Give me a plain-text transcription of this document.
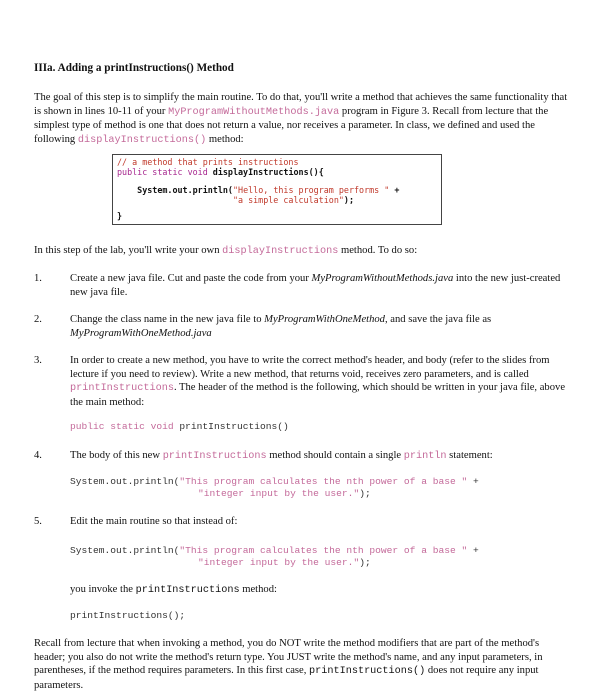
IIIa. Adding a printInstructions() Method

The goal of this step is to simplify the main routine. To do that, you'll write a method that achieves the same functionality that is shown in lines 10-11 of your MyProgramWithoutMethods.java program in Figure 3. Recall from lecture that the simplest type of method is one that does not return a value, nor receives a parameter. In class, we defined and used the following displayInstructions() method:

// a method that prints instructions
public static void displayInstructions(){
System.out.println("Hello, this program performs " +
"a simple calculation");
}

In this step of the lab, you'll write your own displayInstructions method. To do so:

1.	Create a new java file. Cut and paste the code from your MyProgramWithoutMethods.java into the new just-created new java file.
2.	Change the class name in the new java file to MyProgramWithOneMethod, and save the java file as MyProgramWithOneMethod.java
3.	In order to create a new method, you have to write the correct method's header, and body (refer to the slides from lecture if you need to review). Write a new method, that returns void, receives zero parameters, and is called printInstructions. The header of the method is the following, which should be written in your java file, above the main method:
public static void printInstructions()
4.	The body of this new printInstructions method should contain a single println statement:
System.out.println("This program calculates the nth power of a base " +
"integer input by the user.");
5.	Edit the main routine so that instead of:
System.out.println("This program calculates the nth power of a base " +
"integer input by the user.");
you invoke the printInstructions method:
printInstructions();

Recall from lecture that when invoking a method, you do NOT write the method modifiers that are part of the method's header; you also do not write the method's return type. You JUST write the method's name, and any input parameters, in parentheses, if the method requires parameters. In this first case, printInstructions() does not require any input parameters.
